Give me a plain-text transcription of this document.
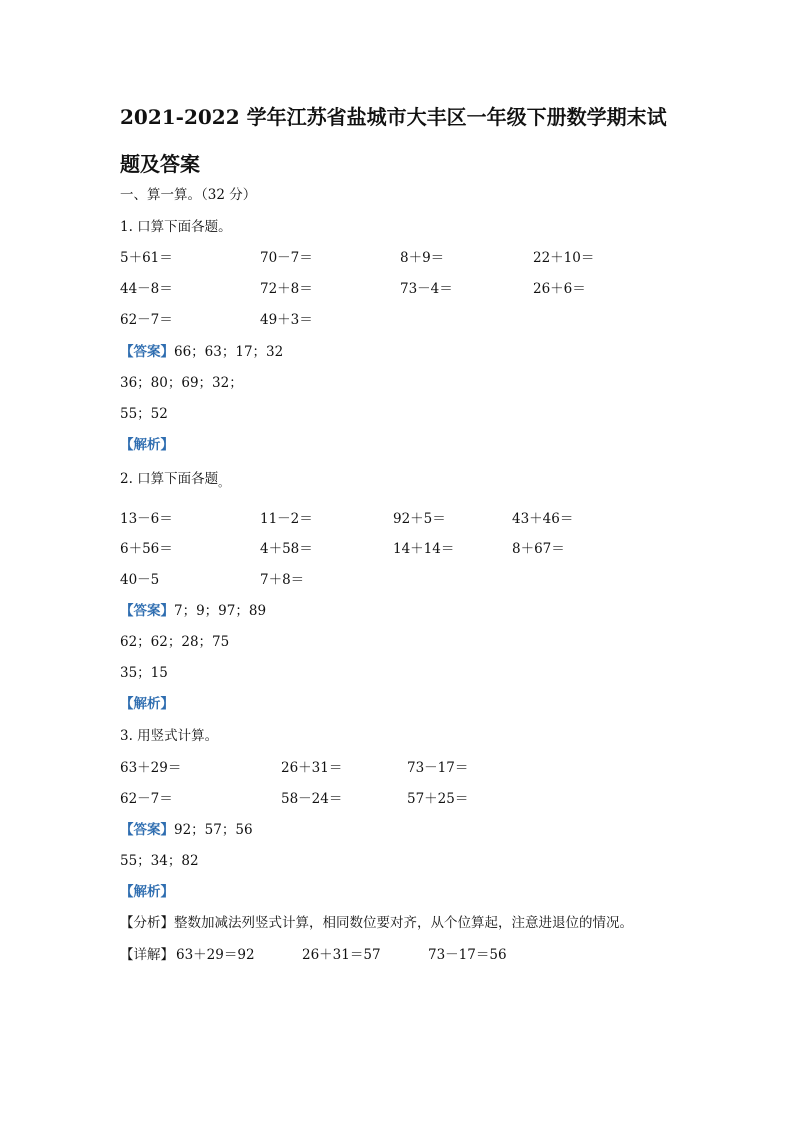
2021-2022 学年江苏省盐城市大丰区一年级下册数学期末试
题及答案
一、算一算。（32 分）
1. 口算下面各题。
5＋61＝	70－7＝	8＋9＝	22＋10＝
44－8＝	72＋8＝	73－4＝	26＋6＝
62－7＝	49＋3＝
【答案】66；63；17；32
36；80；69；32；
55；52
【解析】
2. 口算下面各题$_。$
13－6＝	11－2＝	92＋5＝	43＋46＝
6＋56＝	4＋58＝	14＋14＝	8＋67＝
40－5	7＋8＝
【答案】7；9；97；89
62；62；28；75
35；15
【解析】
3. 用竖式计算。
63＋29＝	26＋31＝	73－17＝
62－7＝	58－24＝	57＋25＝
【答案】92；57；56
55；34；82
【解析】
【分析】整数加减法列竖式计算，相同数位要对齐，从个位算起，注意进退位的情况。
【详解】 63＋29＝92	26＋31＝57	73－17＝56
